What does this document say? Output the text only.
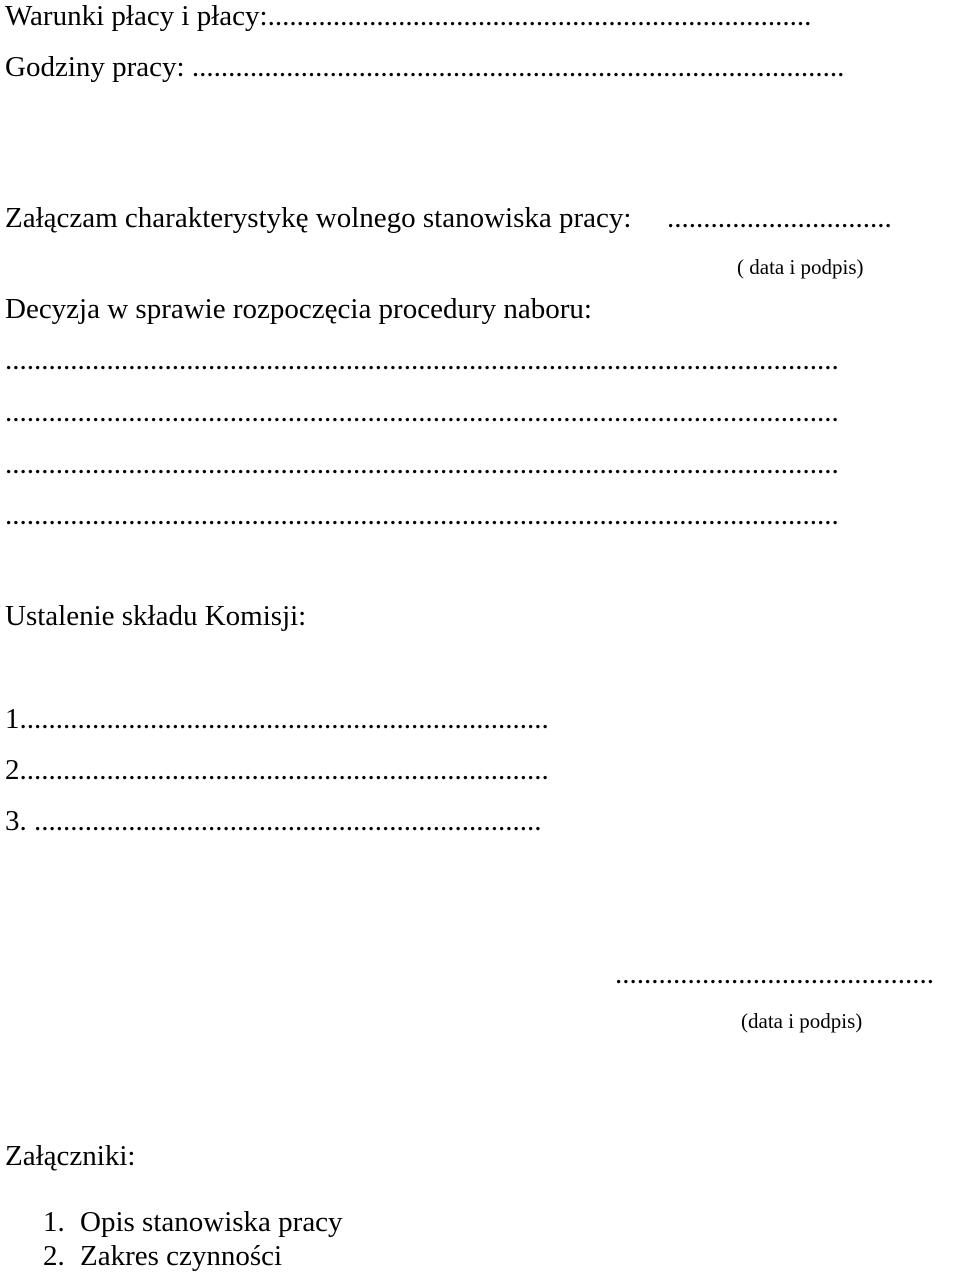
Warunki płacy i płacy:...........................................................................
Godziny pracy: ..........................................................................................
Załączam charakterystykę wolnego stanowiska pracy: ...............................
( data i podpis)
Decyzja w sprawie rozpoczęcia procedury naboru:
...................................................................................................................
...................................................................................................................
...................................................................................................................
...................................................................................................................
Ustalenie składu Komisji:
1.........................................................................
2.........................................................................
3. ......................................................................
............................................
(data i podpis)
Załączniki:
1. Opis stanowiska pracy
2. Zakres czynności
